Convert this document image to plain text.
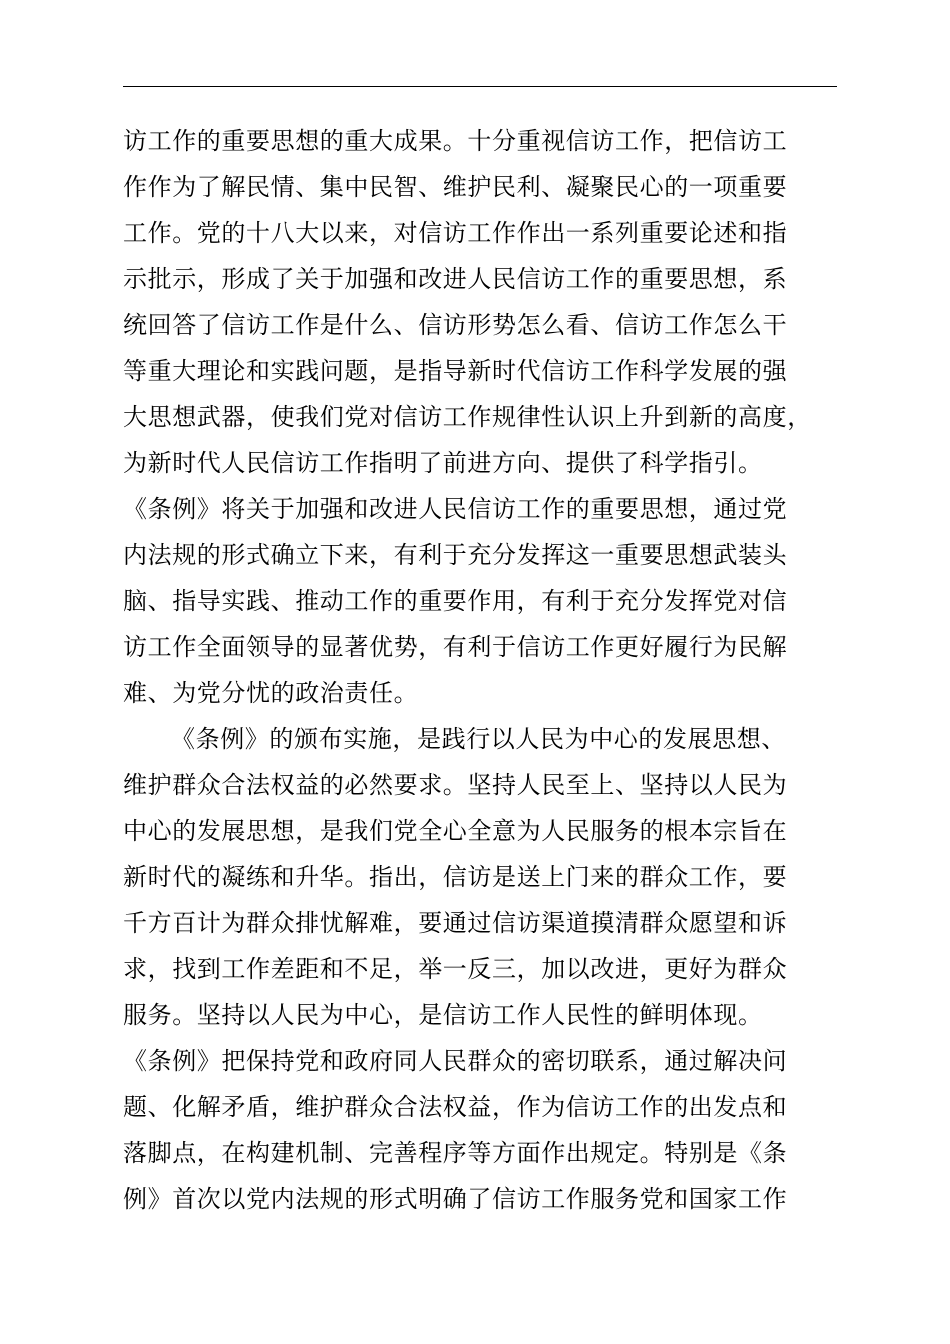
访工作的重要思想的重大成果。十分重视信访工作，把信访工
作作为了解民情、集中民智、维护民利、凝聚民心的一项重要
工作。党的十八大以来，对信访工作作出一系列重要论述和指
示批示，形成了关于加强和改进人民信访工作的重要思想，系
统回答了信访工作是什么、信访形势怎么看、信访工作怎么干
等重大理论和实践问题，是指导新时代信访工作科学发展的强
大思想武器，使我们党对信访工作规律性认识上升到新的高度，
为新时代人民信访工作指明了前进方向、提供了科学指引。
《条例》将关于加强和改进人民信访工作的重要思想，通过党
内法规的形式确立下来，有利于充分发挥这一重要思想武装头
脑、指导实践、推动工作的重要作用，有利于充分发挥党对信
访工作全面领导的显著优势，有利于信访工作更好履行为民解
难、为党分忧的政治责任。
《条例》的颁布实施，是践行以人民为中心的发展思想、
维护群众合法权益的必然要求。坚持人民至上、坚持以人民为
中心的发展思想，是我们党全心全意为人民服务的根本宗旨在
新时代的凝练和升华。指出，信访是送上门来的群众工作，要
千方百计为群众排忧解难，要通过信访渠道摸清群众愿望和诉
求，找到工作差距和不足，举一反三，加以改进，更好为群众
服务。坚持以人民为中心，是信访工作人民性的鲜明体现。
《条例》把保持党和政府同人民群众的密切联系，通过解决问
题、化解矛盾，维护群众合法权益，作为信访工作的出发点和
落脚点，在构建机制、完善程序等方面作出规定。特别是《条
例》首次以党内法规的形式明确了信访工作服务党和国家工作
